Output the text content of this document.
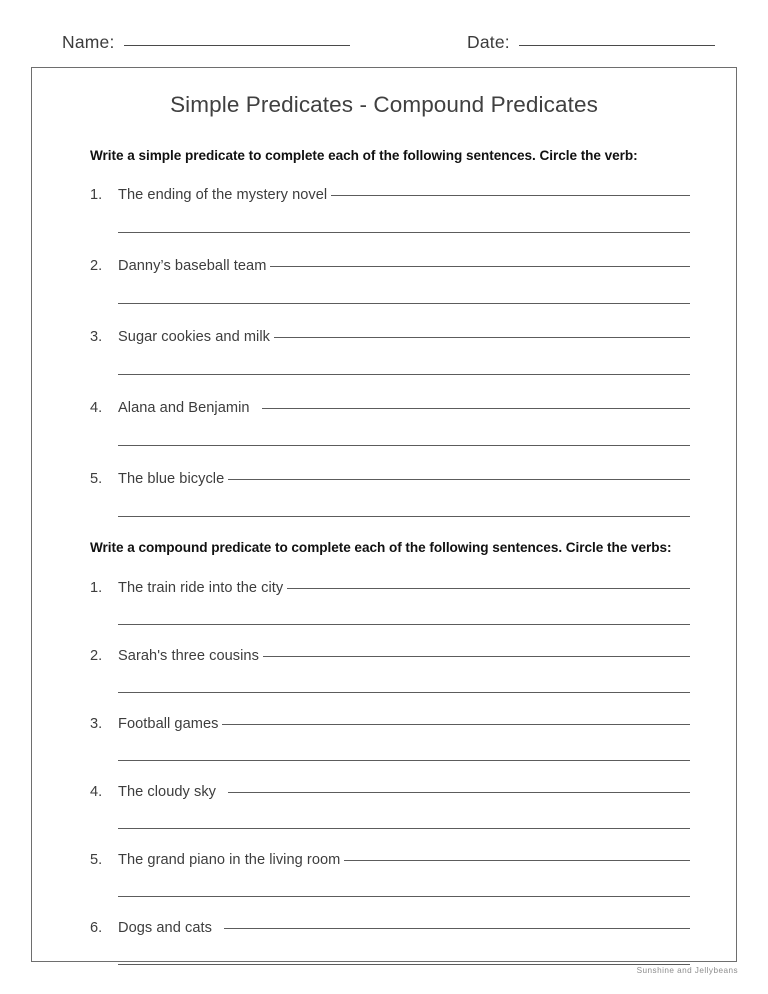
Name:	Date:
Simple Predicates - Compound Predicates
Write a simple predicate to complete each of the following sentences. Circle the verb:
1. The ending of the mystery novel
2. Danny’s baseball team
3. Sugar cookies and milk
4. Alana and Benjamin
5. The blue bicycle
Write a compound predicate to complete each of the following sentences. Circle the verbs:
1. The train ride into the city
2. Sarah's three cousins
3. Football games
4. The cloudy sky
5. The grand piano in the living room
6. Dogs and cats
Sunshine and Jellybeans
